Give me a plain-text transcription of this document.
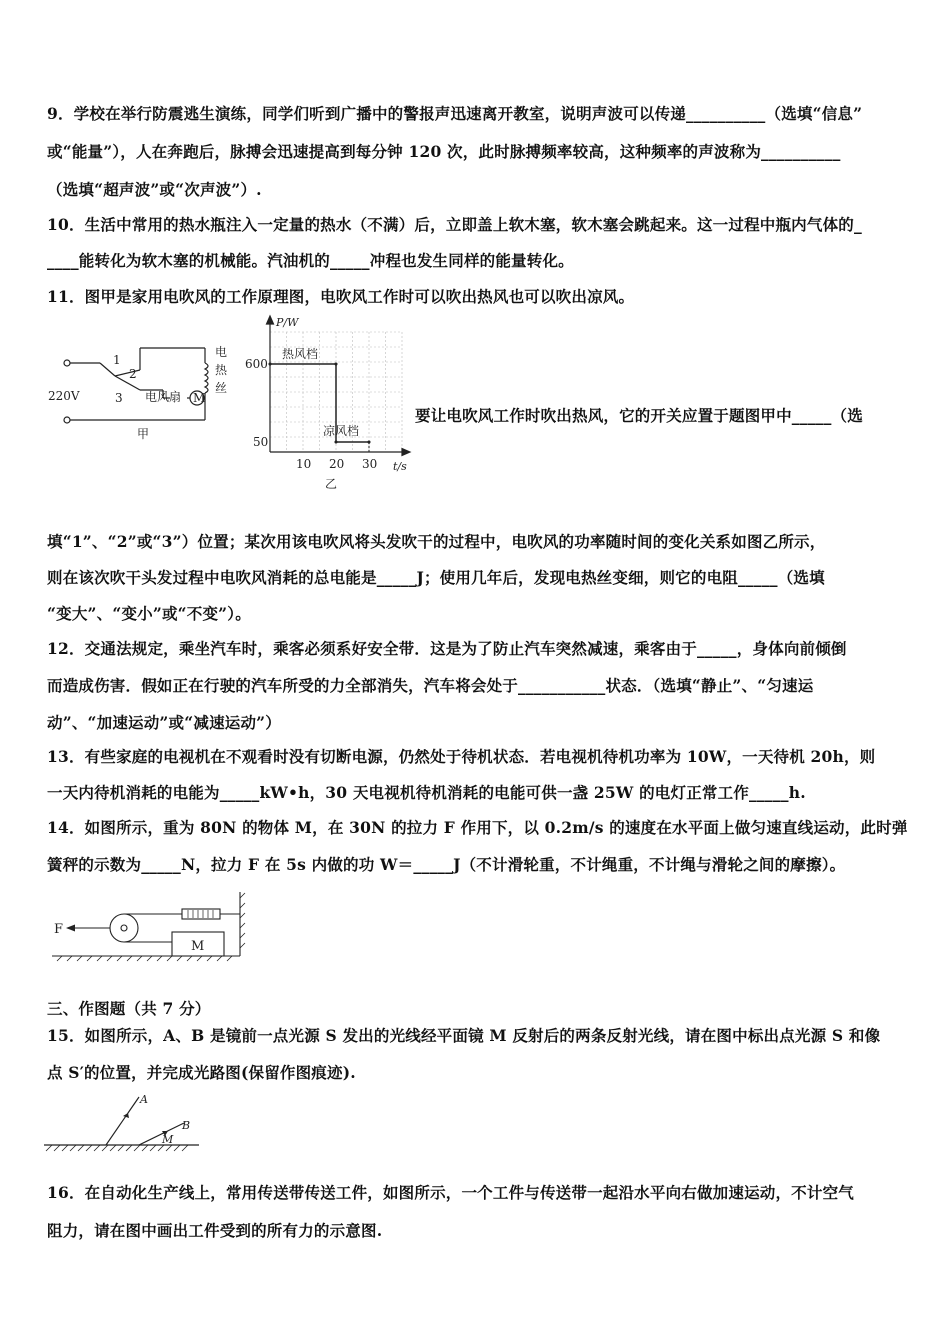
9．学校在举行防震逃生演练，同学们听到广播中的警报声迅速离开教室，说明声波可以传递__________（选填“信息”
或“能量”），人在奔跑后，脉搏会迅速提高到每分钟 120 次，此时脉搏频率较高，这种频率的声波称为__________
（选填“超声波”或“次声波”）.
10．生活中常用的热水瓶注入一定量的热水（不满）后，立即盖上软木塞，软木塞会跳起来。这一过程中瓶内气体的_
____能转化为软木塞的机械能。汽油机的_____冲程也发生同样的能量转化。
11．图甲是家用电吹风的工作原理图，电吹风工作时可以吹出热风也可以吹出凉风。
220V	电风扇 M
1
2
3
电
热
丝
甲
10 20 30
600
50
P/W
t/s
热风档
凉风档
乙
要让电吹风工作时吹出热风，它的开关应置于题图甲中_____（选
填“1”、“2”或“3”）位置；某次用该电吹风将头发吹干的过程中，电吹风的功率随时间的变化关系如图乙所示，
则在该次吹干头发过程中电吹风消耗的总电能是_____J；使用几年后，发现电热丝变细，则它的电阻_____（选填
“变大”、“变小”或“不变”）。
12．交通法规定，乘坐汽车时，乘客必须系好安全带．这是为了防止汽车突然减速，乘客由于_____，身体向前倾倒
而造成伤害．假如正在行驶的汽车所受的力全部消失，汽车将会处于___________状态．（选填“静止”、“匀速运
动”、“加速运动”或“减速运动”）
13．有些家庭的电视机在不观看时没有切断电源，仍然处于待机状态．若电视机待机功率为 10W，一天待机 20h，则
一天内待机消耗的电能为_____kW•h，30 天电视机待机消耗的电能可供一盏 25W 的电灯正常工作_____h.
14．如图所示，重为 80N 的物体 M，在 30N 的拉力 F 作用下，以 0.2m/s 的速度在水平面上做匀速直线运动，此时弹
簧秤的示数为_____N，拉力 F 在 5s 内做的功 W＝_____J（不计滑轮重，不计绳重，不计绳与滑轮之间的摩擦）。
F
M
三、作图题（共 7 分）
15．如图所示，A、B 是镜前一点光源 S 发出的光线经平面镜 M 反射后的两条反射光线，请在图中标出点光源 S 和像
点 S′的位置，并完成光路图(保留作图痕迹).
A
B
M
16．在自动化生产线上，常用传送带传送工件，如图所示，一个工件与传送带一起沿水平向右做加速运动，不计空气
阻力，请在图中画出工件受到的所有力的示意图.
